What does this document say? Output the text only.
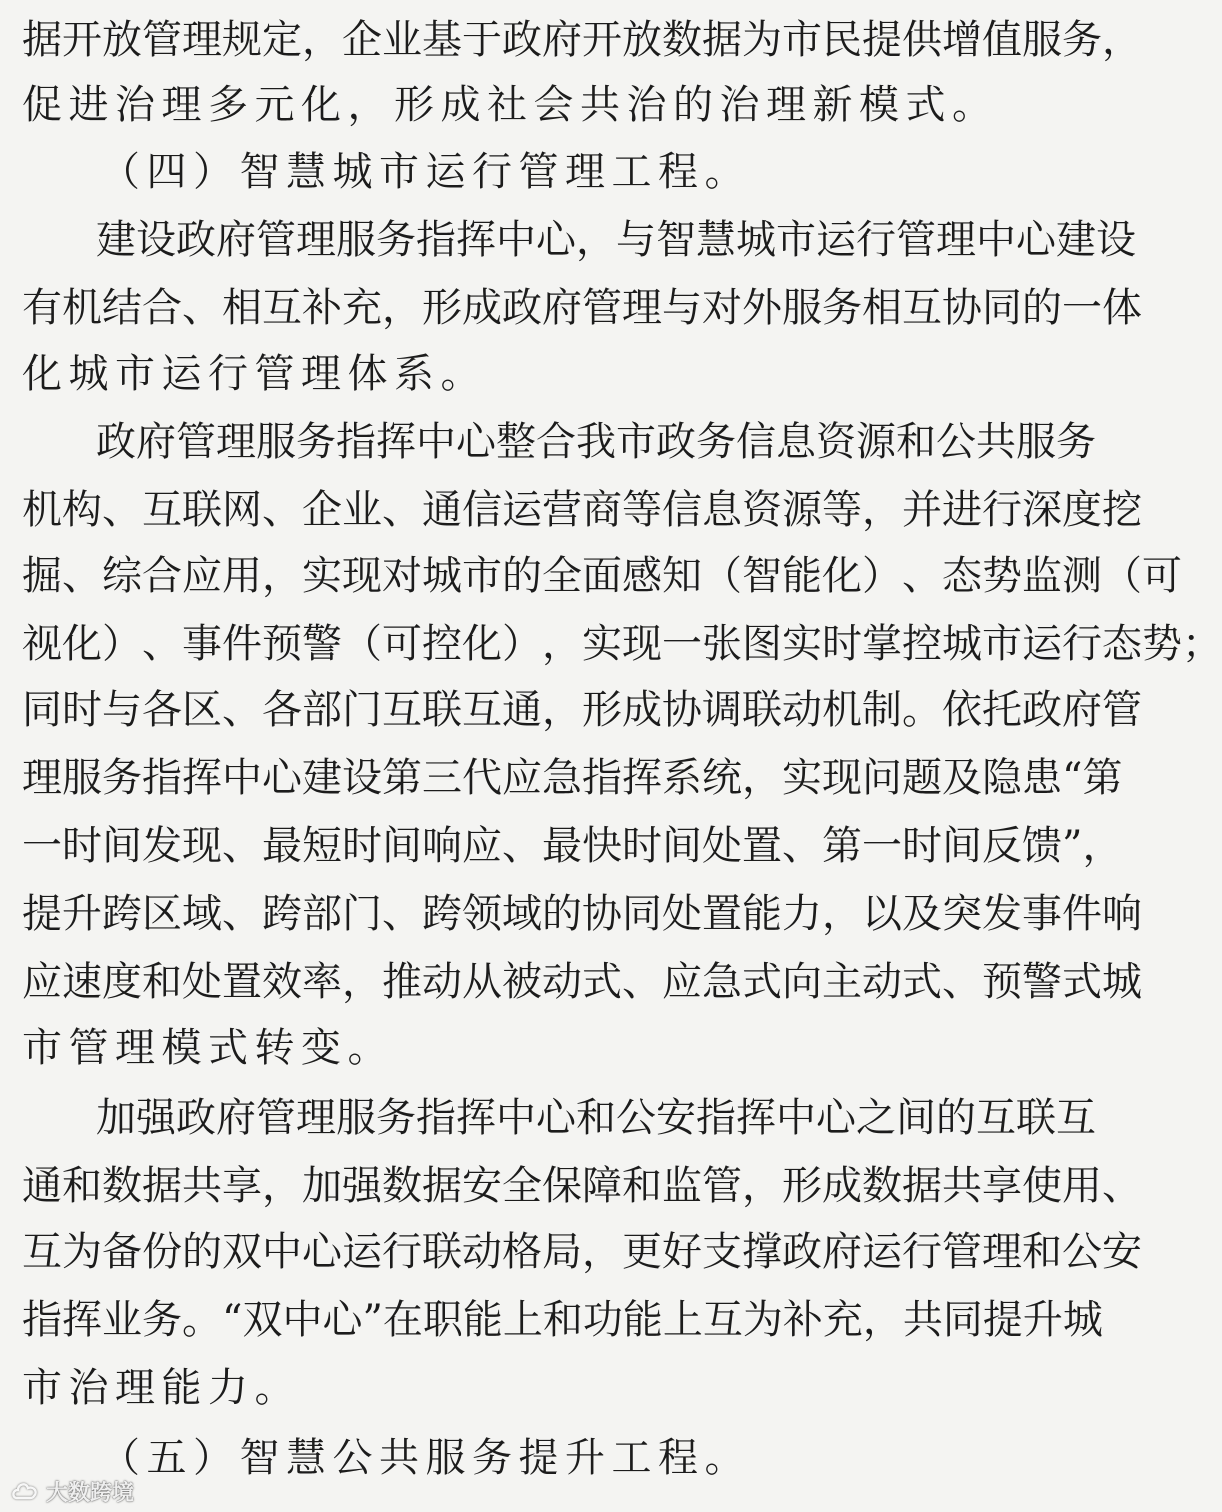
据 开 放 管 理 规 定 ， 企 业 基 于 政 府 开 放 数 据 为 市 民 提 供 增 值 服 务 ，
促 进 治 理 多 元 化 ， 形 成 社 会 共 治 的 治 理 新 模 式 。
（ 四 ） 智 慧 城 市 运 行 管 理 工 程 。
建 设 政 府 管 理 服 务 指 挥 中 心 ， 与 智 慧 城 市 运 行 管 理 中 心 建 设
有 机 结 合 、 相 互 补 充 ， 形 成 政 府 管 理 与 对 外 服 务 相 互 协 同 的 一 体
化 城 市 运 行 管 理 体 系 。
政 府 管 理 服 务 指 挥 中 心 整 合 我 市 政 务 信 息 资 源 和 公 共 服 务
机 构 、 互 联 网 、 企 业 、 通 信 运 营 商 等 信 息 资 源 等 ， 并 进 行 深 度 挖
掘 、 综 合 应 用 ， 实 现 对 城 市 的 全 面 感 知 （ 智 能 化 ） 、 态 势 监 测 （ 可
视 化 ） 、 事 件 预 警 （ 可 控 化 ） ， 实 现 一 张 图 实 时 掌 控 城 市 运 行 态 势 ；
同 时 与 各 区 、 各 部 门 互 联 互 通 ， 形 成 协 调 联 动 机 制 。 依 托 政 府 管
理 服 务 指 挥 中 心 建 设 第 三 代 应 急 指 挥 系 统 ， 实 现 问 题 及 隐 患 “ 第
一 时 间 发 现 、 最 短 时 间 响 应 、 最 快 时 间 处 置 、 第 一 时 间 反 馈 ” ，
提 升 跨 区 域 、 跨 部 门 、 跨 领 域 的 协 同 处 置 能 力 ， 以 及 突 发 事 件 响
应 速 度 和 处 置 效 率 ， 推 动 从 被 动 式 、 应 急 式 向 主 动 式 、 预 警 式 城
市 管 理 模 式 转 变 。
加 强 政 府 管 理 服 务 指 挥 中 心 和 公 安 指 挥 中 心 之 间 的 互 联 互
通 和 数 据 共 享 ， 加 强 数 据 安 全 保 障 和 监 管 ， 形 成 数 据 共 享 使 用 、
互 为 备 份 的 双 中 心 运 行 联 动 格 局 ， 更 好 支 撑 政 府 运 行 管 理 和 公 安
指 挥 业 务 。 “ 双 中 心 ” 在 职 能 上 和 功 能 上 互 为 补 充 ， 共 同 提 升 城
市 治 理 能 力 。
（ 五 ） 智 慧 公 共 服 务 提 升 工 程 。
大数跨境
